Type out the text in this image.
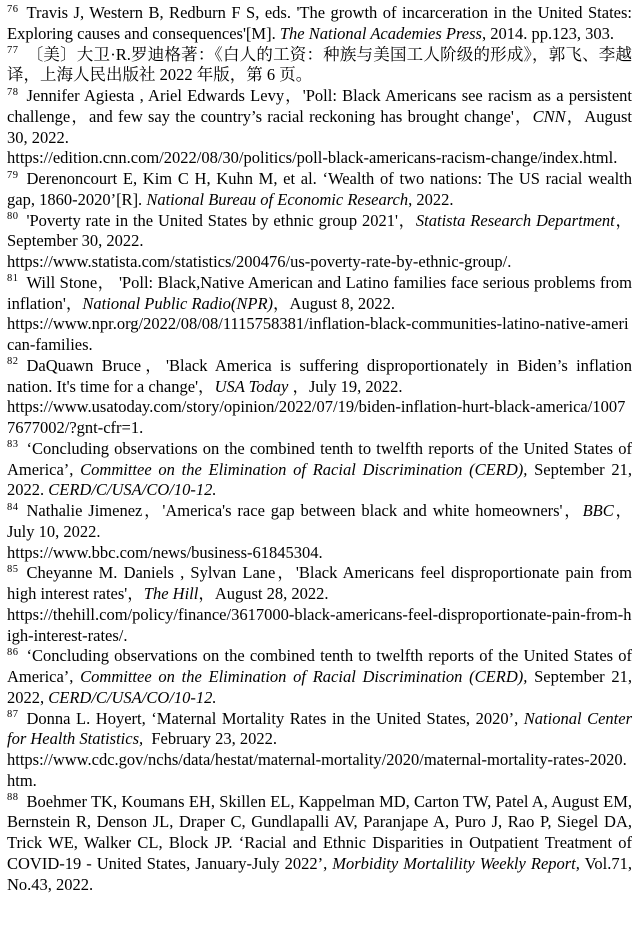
$^{76}$ Travis J, Western B, Redburn F S, eds. 'The growth of incarceration in the United States: Exploring causes and consequences'[M]. The National Academies Press, 2014. pp.123, 303.

$^{77}$ 〔美〕大卫·R.罗迪格著：《白人的工资：种族与美国工人阶级的形成》，郭飞、李越译，上海人民出版社 2022 年版，第 6 页。

$^{78}$ Jennifer Agiesta , Ariel Edwards Levy，'Poll: Black Americans see racism as a persistent challenge，and few say the country’s racial reckoning has brought change'，CNN，August 30, 2022.
https://edition.cnn.com/2022/08/30/politics/poll-black-americans-racism-change/index.html.

$^{79}$ Derenoncourt E, Kim C H, Kuhn M, et al. ‘Wealth of two nations: The US racial wealth gap, 1860-2020’[R]. National Bureau of Economic Research, 2022.

$^{80}$ 'Poverty rate in the United States by ethnic group 2021'，Statista Research Department，September 30, 2022.
https://www.statista.com/statistics/200476/us-poverty-rate-by-ethnic-group/.

$^{81}$ Will Stone， 'Poll: Black,Native American and Latino families face serious problems from inflation'，National Public Radio(NPR)，August 8, 2022.
https://www.npr.org/2022/08/08/1115758381/inflation-black-communities-latino-native-american-families.

$^{82}$ DaQuawn Bruce，'Black America is suffering disproportionately in Biden’s inflation nation. It's time for a change'，USA Today ，July 19, 2022.
https://www.usatoday.com/story/opinion/2022/07/19/biden-inflation-hurt-black-america/10077677002/?gnt-cfr=1.

$^{83}$ ‘Concluding observations on the combined tenth to twelfth reports of the United States of America’, Committee on the Elimination of Racial Discrimination (CERD), September 21, 2022. CERD/C/USA/CO/10-12.

$^{84}$ Nathalie Jimenez，'America's race gap between black and white homeowners'，BBC，July 10, 2022.
https://www.bbc.com/news/business-61845304.

$^{85}$ Cheyanne M. Daniels , Sylvan Lane，'Black Americans feel disproportionate pain from high interest rates'，The Hill，August 28, 2022.
https://thehill.com/policy/finance/3617000-black-americans-feel-disproportionate-pain-from-high-interest-rates/.

$^{86}$ ‘Concluding observations on the combined tenth to twelfth reports of the United States of America’, Committee on the Elimination of Racial Discrimination (CERD), September 21, 2022, CERD/C/USA/CO/10-12.

$^{87}$ Donna L. Hoyert, ‘Maternal Mortality Rates in the United States, 2020’, National Center for Health Statistics,  February 23, 2022.
https://www.cdc.gov/nchs/data/hestat/maternal-mortality/2020/maternal-mortality-rates-2020.htm.

$^{88}$ Boehmer TK, Koumans EH, Skillen EL, Kappelman MD, Carton TW, Patel A, August EM, Bernstein R, Denson JL, Draper C, Gundlapalli AV, Paranjape A, Puro J, Rao P, Siegel DA, Trick WE, Walker CL, Block JP. ‘Racial and Ethnic Disparities in Outpatient Treatment of COVID-19 - United States, January-July 2022’, Morbidity Mortalility Weekly Report, Vol.71, No.43, 2022.
